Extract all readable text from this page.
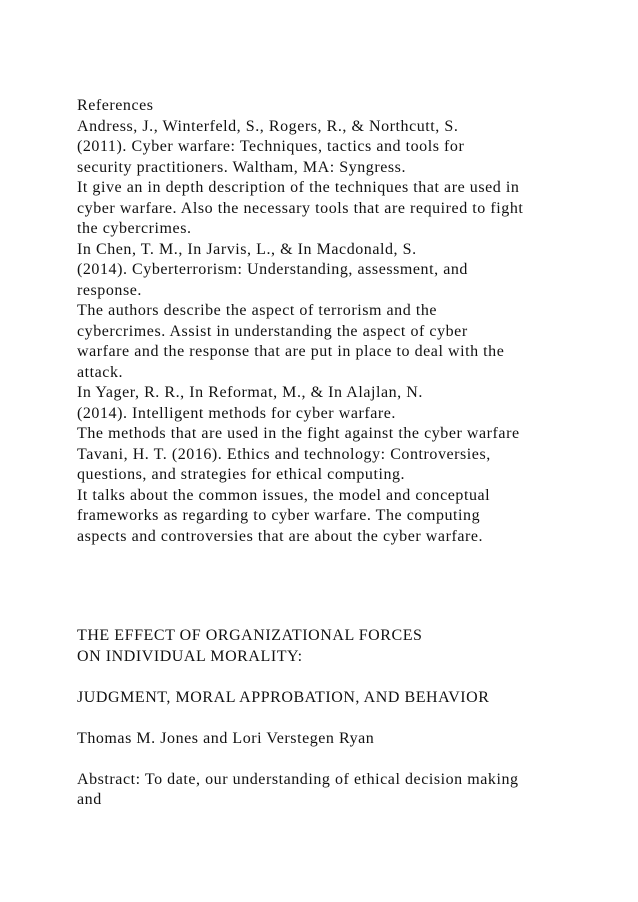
References
Andress, J., Winterfeld, S., Rogers, R., & Northcutt, S.
(2011). Cyber warfare: Techniques, tactics and tools for
security practitioners. Waltham, MA: Syngress.
It give an in depth description of the techniques that are used in
cyber warfare. Also the necessary tools that are required to fight
the cybercrimes.
In Chen, T. M., In Jarvis, L., & In Macdonald, S.
(2014). Cyberterrorism: Understanding, assessment, and
response.
The authors describe the aspect of terrorism and the
cybercrimes. Assist in understanding the aspect of cyber
warfare and the response that are put in place to deal with the
attack.
In Yager, R. R., In Reformat, M., & In Alajlan, N.
(2014). Intelligent methods for cyber warfare.
The methods that are used in the fight against the cyber warfare
Tavani, H. T. (2016). Ethics and technology: Controversies,
questions, and strategies for ethical computing.
It talks about the common issues, the model and conceptual
frameworks as regarding to cyber warfare. The computing
aspects and controversies that are about the cyber warfare.
THE EFFECT OF ORGANIZATIONAL FORCES
ON INDIVIDUAL MORALITY:
JUDGMENT, MORAL APPROBATION, AND BEHAVIOR
Thomas M. Jones and Lori Verstegen Ryan
Abstract: To date, our understanding of ethical decision making
and
